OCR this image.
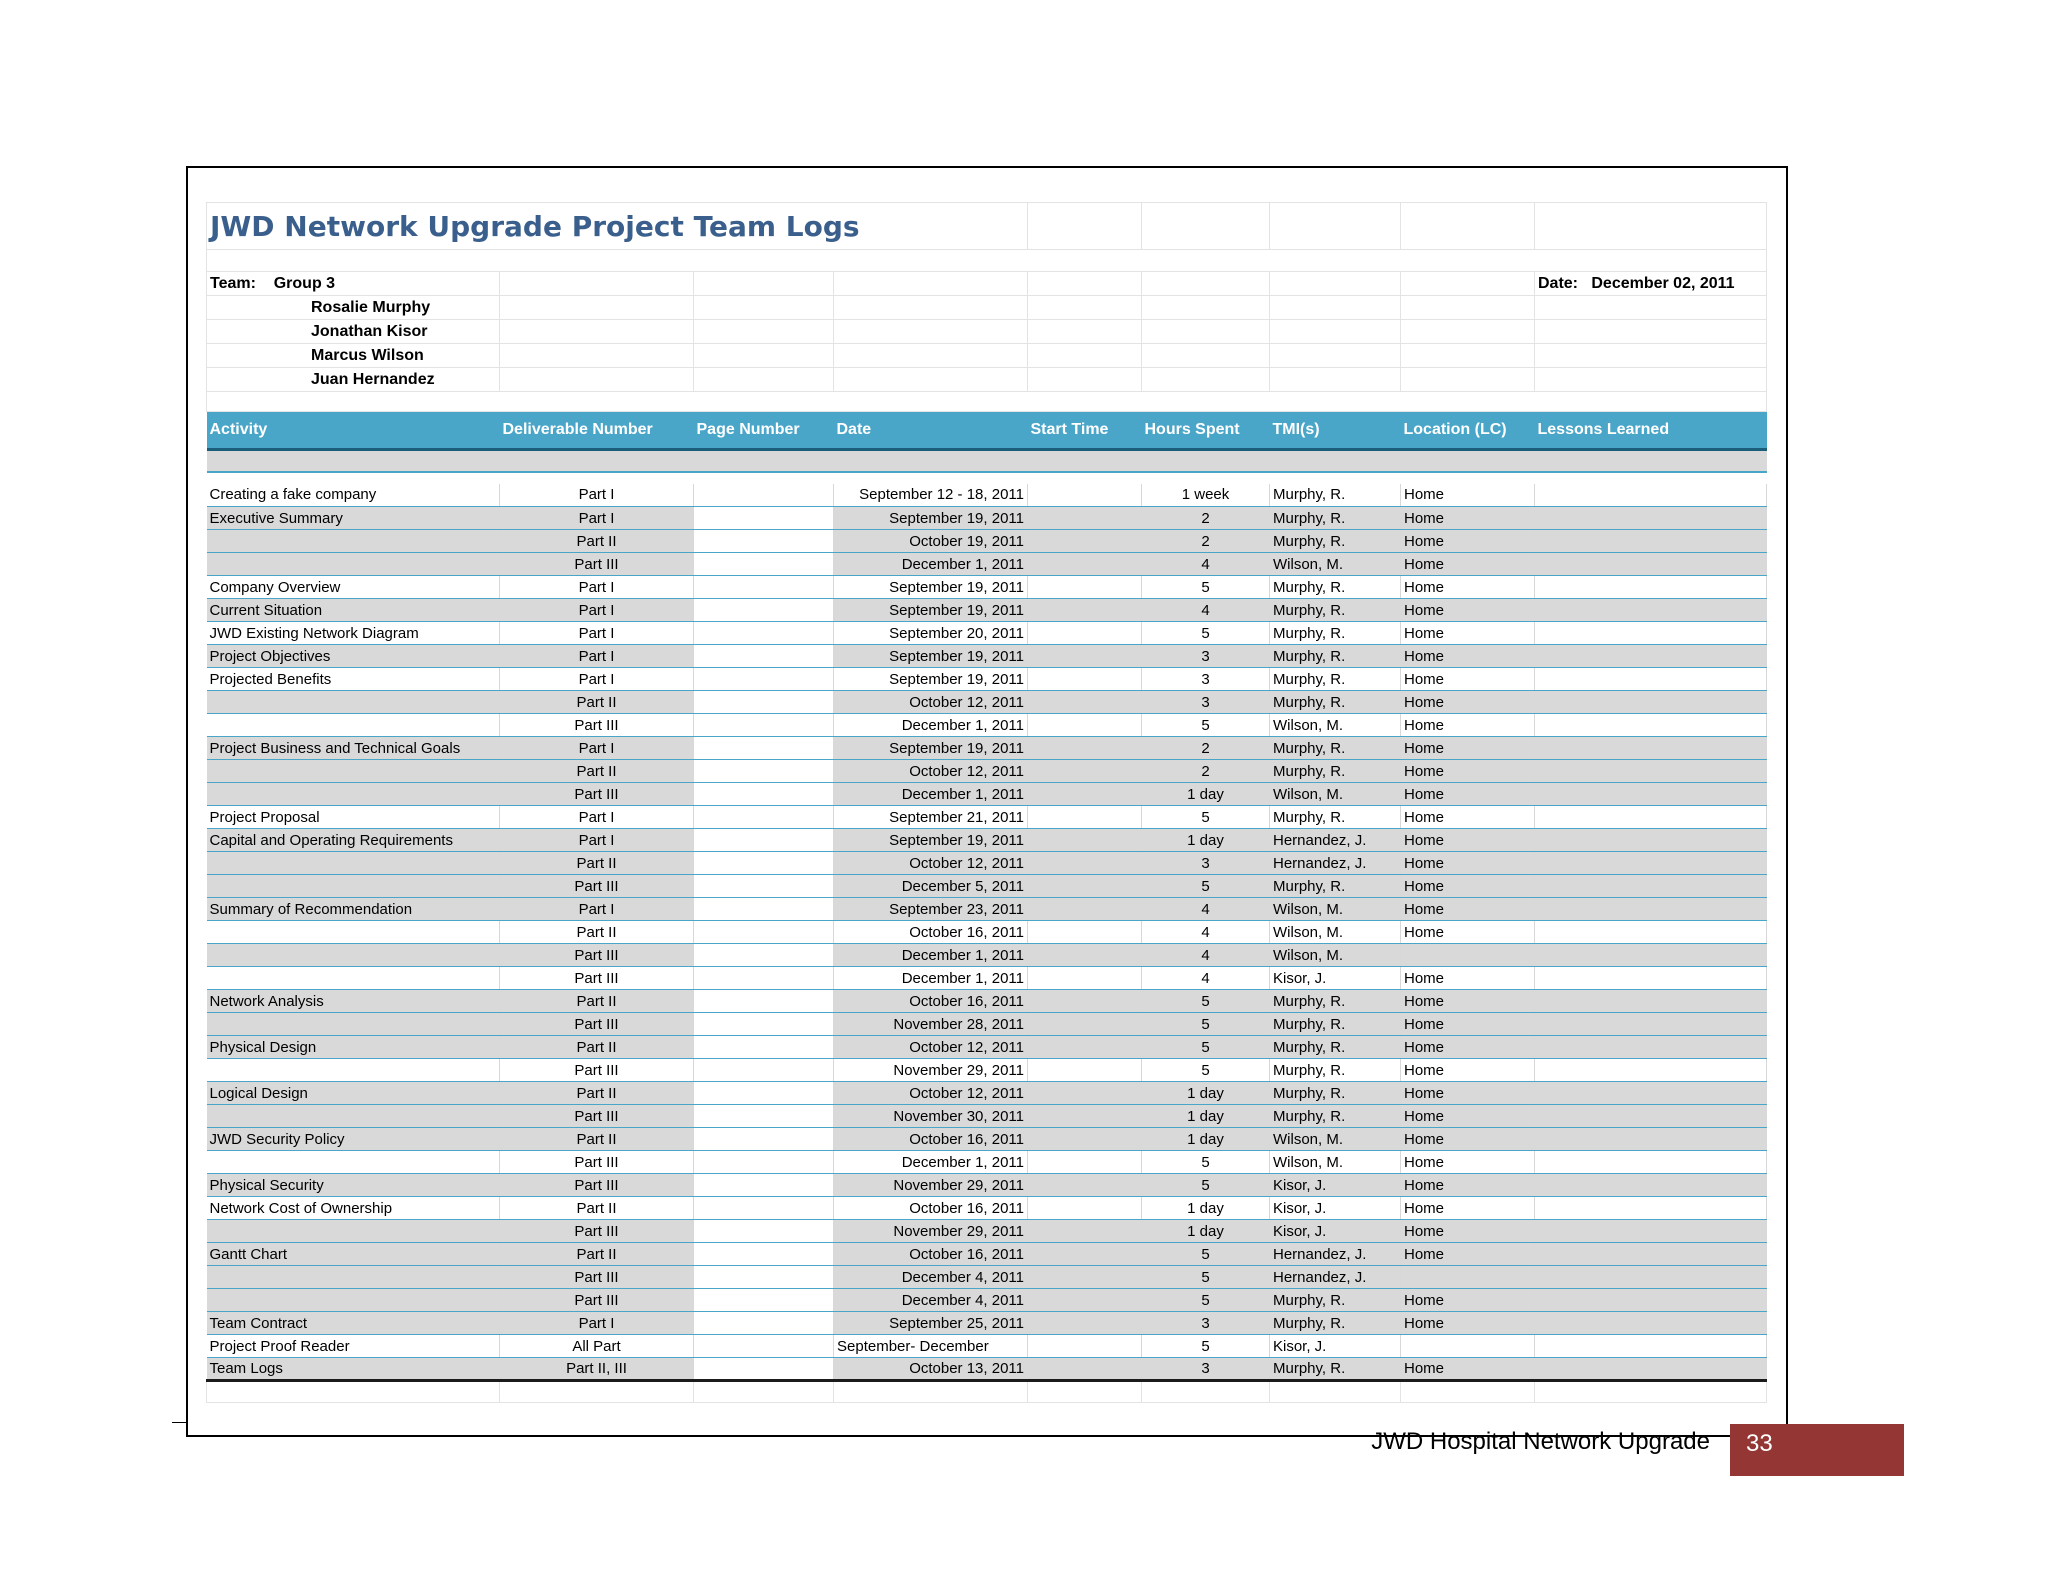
JWD Network Upgrade Project Team Logs								

Team: Group 3								Date: December 02, 2011
Rosalie Murphy								
Jonathan Kisor								
Marcus Wilson								
Juan Hernandez								

Activity	Deliverable Number	Page Number	Date	Start Time	Hours Spent	TMI(s)	Location (LC)	Lessons Learned

Creating a fake company	Part I		September 12 - 18, 2011		1 week	Murphy, R.	Home	
Executive Summary	Part I		September 19, 2011		2	Murphy, R.	Home	
	Part II		October 19, 2011		2	Murphy, R.	Home	
	Part III		December 1, 2011		4	Wilson, M.	Home	
Company Overview	Part I		September 19, 2011		5	Murphy, R.	Home	
Current Situation	Part I		September 19, 2011		4	Murphy, R.	Home	
JWD Existing Network Diagram	Part I		September 20, 2011		5	Murphy, R.	Home	
Project Objectives	Part I		September 19, 2011		3	Murphy, R.	Home	
Projected Benefits	Part I		September 19, 2011		3	Murphy, R.	Home	
	Part II		October 12, 2011		3	Murphy, R.	Home	
	Part III		December 1, 2011		5	Wilson, M.	Home	
Project Business and Technical Goals	Part I		September 19, 2011		2	Murphy, R.	Home	
	Part II		October 12, 2011		2	Murphy, R.	Home	
	Part III		December 1, 2011		1 day	Wilson, M.	Home	
Project Proposal	Part I		September 21, 2011		5	Murphy, R.	Home	
Capital and Operating Requirements	Part I		September 19, 2011		1 day	Hernandez, J.	Home	
	Part II		October 12, 2011		3	Hernandez, J.	Home	
	Part III		December 5, 2011		5	Murphy, R.	Home	
Summary of Recommendation	Part I		September 23, 2011		4	Wilson, M.	Home	
	Part II		October 16, 2011		4	Wilson, M.	Home	
	Part III		December 1, 2011		4	Wilson, M.		
	Part III		December 1, 2011		4	Kisor, J.	Home	
Network Analysis	Part II		October 16, 2011		5	Murphy, R.	Home	
	Part III		November 28, 2011		5	Murphy, R.	Home	
Physical Design	Part II		October 12, 2011		5	Murphy, R.	Home	
	Part III		November 29, 2011		5	Murphy, R.	Home	
Logical Design	Part II		October 12, 2011		1 day	Murphy, R.	Home	
	Part III		November 30, 2011		1 day	Murphy, R.	Home	
JWD Security Policy	Part II		October 16, 2011		1 day	Wilson, M.	Home	
	Part III		December 1, 2011		5	Wilson, M.	Home	
Physical Security	Part III		November 29, 2011		5	Kisor, J.	Home	
Network Cost of Ownership	Part II		October 16, 2011		1 day	Kisor, J.	Home	
	Part III		November 29, 2011		1 day	Kisor, J.	Home	
Gantt Chart	Part II		October 16, 2011		5	Hernandez, J.	Home	
	Part III		December 4, 2011		5	Hernandez, J.		
	Part III		December 4, 2011		5	Murphy, R.	Home	
Team Contract	Part I		September 25, 2011		3	Murphy, R.	Home	
Project Proof Reader	All Part		September- December		5	Kisor, J.		
Team Logs	Part II, III		October 13, 2011		3	Murphy, R.	Home	

JWD Hospital Network Upgrade	33
